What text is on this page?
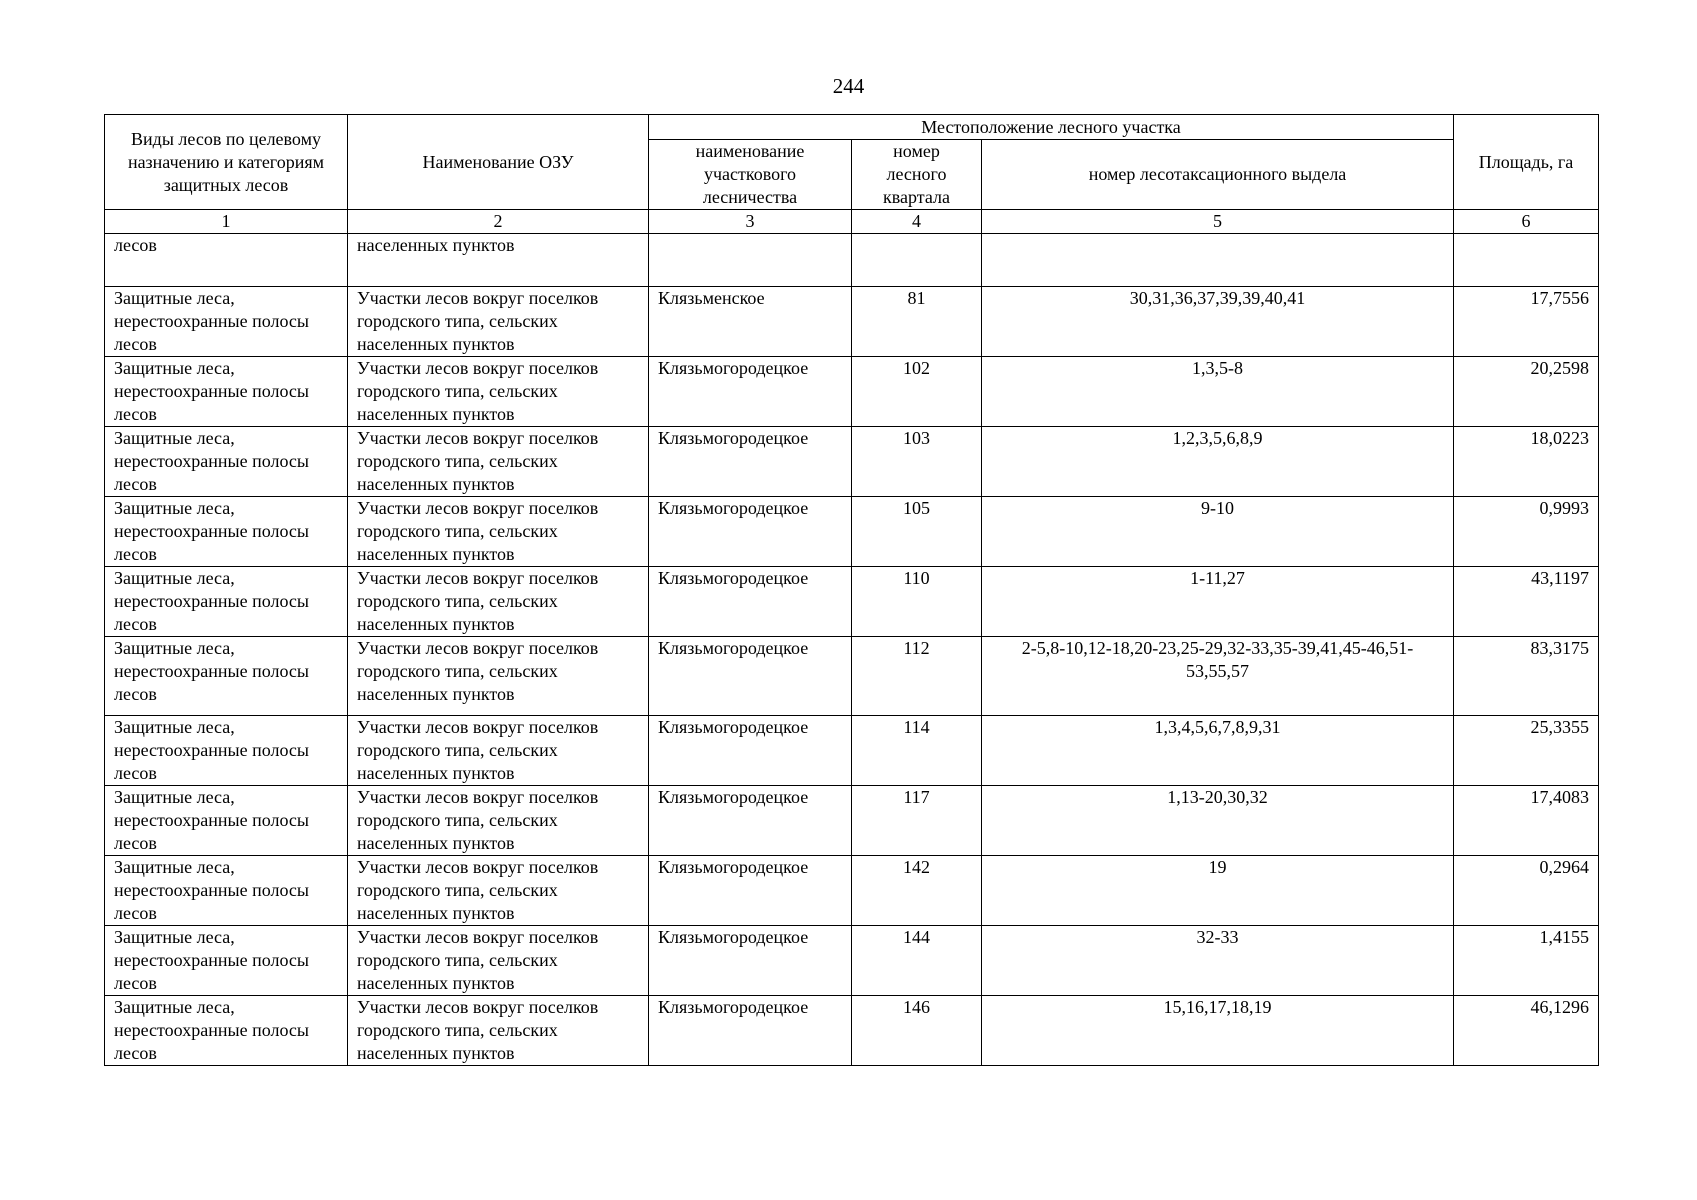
244
Виды лесов по целевому назначению и категориям защитных лесов	Наименование ОЗУ	Местоположение лесного участка			Площадь, га
		наименование участкового лесничества	номер лесного квартала	номер лесотаксационного выдела	
1	2	3	4	5	6
лесов	населенных пунктов				
Защитные леса, нерестоохранные полосы лесов	Участки лесов вокруг поселков городского типа, сельских населенных пунктов	Клязьменское	81	30,31,36,37,39,39,40,41	17,7556
Защитные леса, нерестоохранные полосы лесов	Участки лесов вокруг поселков городского типа, сельских населенных пунктов	Клязьмогородецкое	102	1,3,5-8	20,2598
Защитные леса, нерестоохранные полосы лесов	Участки лесов вокруг поселков городского типа, сельских населенных пунктов	Клязьмогородецкое	103	1,2,3,5,6,8,9	18,0223
Защитные леса, нерестоохранные полосы лесов	Участки лесов вокруг поселков городского типа, сельских населенных пунктов	Клязьмогородецкое	105	9-10	0,9993
Защитные леса, нерестоохранные полосы лесов	Участки лесов вокруг поселков городского типа, сельских населенных пунктов	Клязьмогородецкое	110	1-11,27	43,1197
Защитные леса, нерестоохранные полосы лесов	Участки лесов вокруг поселков городского типа, сельских населенных пунктов	Клязьмогородецкое	112	2-5,8-10,12-18,20-23,25-29,32-33,35-39,41,45-46,51-53,55,57	83,3175
Защитные леса, нерестоохранные полосы лесов	Участки лесов вокруг поселков городского типа, сельских населенных пунктов	Клязьмогородецкое	114	1,3,4,5,6,7,8,9,31	25,3355
Защитные леса, нерестоохранные полосы лесов	Участки лесов вокруг поселков городского типа, сельских населенных пунктов	Клязьмогородецкое	117	1,13-20,30,32	17,4083
Защитные леса, нерестоохранные полосы лесов	Участки лесов вокруг поселков городского типа, сельских населенных пунктов	Клязьмогородецкое	142	19	0,2964
Защитные леса, нерестоохранные полосы лесов	Участки лесов вокруг поселков городского типа, сельских населенных пунктов	Клязьмогородецкое	144	32-33	1,4155
Защитные леса, нерестоохранные полосы лесов	Участки лесов вокруг поселков городского типа, сельских населенных пунктов	Клязьмогородецкое	146	15,16,17,18,19	46,1296
